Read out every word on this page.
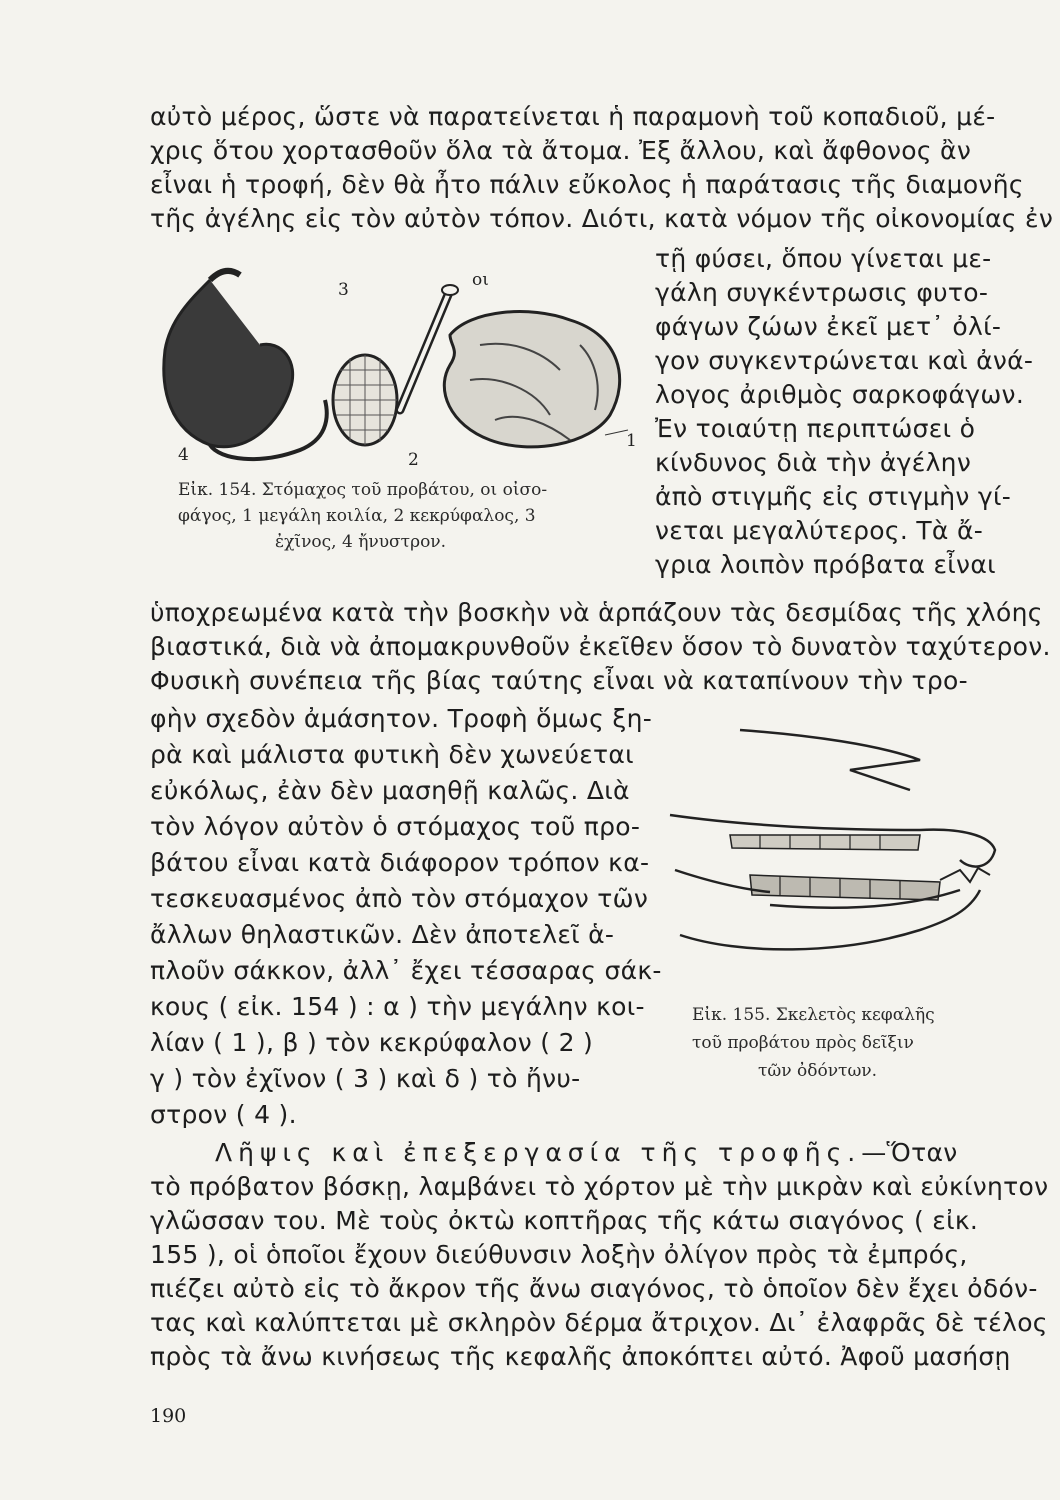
αὐτὸ μέρος, ὥστε νὰ παρατείνεται ἡ παραμονὴ τοῦ κοπαδιοῦ, μέ-
χρις ὅτου χορτασθοῦν ὅλα τὰ ἄτομα. Ἐξ ἄλλου, καὶ ἄφθονος ἂν
εἶναι ἡ τροφή, δὲν θὰ ἦτο πάλιν εὔκολος ἡ παράτασις τῆς διαμονῆς
τῆς ἀγέλης εἰς τὸν αὐτὸν τόπον. Διότι, κατὰ νόμον τῆς οἰκονομίας ἐν
3	οι
4	2
1
Εἰκ. 154. Στόμαχος τοῦ προβάτου, οι οἰσο-
φάγος, 1 μεγάλη κοιλία, 2 κεκρύφαλος, 3
ἐχῖνος, 4 ἤνυστρον.
τῇ φύσει, ὅπου γίνεται με-
γάλη συγκέντρωσις φυτο-
φάγων ζώων ἐκεῖ μετ᾽ ὀλί-
γον συγκεντρώνεται καὶ ἀνά-
λογος ἀριθμὸς σαρκοφάγων.
Ἐν τοιαύτῃ περιπτώσει ὁ
κίνδυνος διὰ τὴν ἀγέλην
ἀπὸ στιγμῆς εἰς στιγμὴν γί-
νεται μεγαλύτερος. Τὰ ἄ-
γρια λοιπὸν πρόβατα εἶναι
ὑποχρεωμένα κατὰ τὴν βοσκὴν νὰ ἁρπάζουν τὰς δεσμίδας τῆς χλόης
βιαστικά, διὰ νὰ ἀπομακρυνθοῦν ἐκεῖθεν ὅσον τὸ δυνατὸν ταχύτερον.
Φυσικὴ συνέπεια τῆς βίας ταύτης εἶναι νὰ καταπίνουν τὴν τρο-
φὴν σχεδὸν ἀμάσητον. Τροφὴ ὅμως ξη-
ρὰ καὶ μάλιστα φυτικὴ δὲν χωνεύεται
εὐκόλως, ἐὰν δὲν μασηθῇ καλῶς. Διὰ
τὸν λόγον αὐτὸν ὁ στόμαχος τοῦ προ-
βάτου εἶναι κατὰ διάφορον τρόπον κα-
τεσκευασμένος ἀπὸ τὸν στόμαχον τῶν
ἄλλων θηλαστικῶν. Δὲν ἀποτελεῖ ἁ-
πλοῦν σάκκον, ἀλλ᾽ ἔχει τέσσαρας σάκ-
κους ( εἰκ. 154 ) : α ) τὴν μεγάλην κοι-
λίαν ( 1 ), β ) τὸν κεκρύφαλον ( 2 )
γ ) τὸν ἐχῖνον ( 3 ) καὶ δ ) τὸ ἤνυ-
στρον ( 4 ).
Εἰκ. 155. Σκελετὸς κεφαλῆς
τοῦ προβάτου πρὸς δεῖξιν
τῶν ὀδόντων.
Λῆψις καὶ ἐπεξεργασία τῆς τροφῆς.—Ὅταν
τὸ πρόβατον βόσκῃ, λαμβάνει τὸ χόρτον μὲ τὴν μικρὰν καὶ εὐκίνητον
γλῶσσαν του. Μὲ τοὺς ὀκτὼ κοπτῆρας τῆς κάτω σιαγόνος ( εἰκ.
155 ), οἱ ὁποῖοι ἔχουν διεύθυνσιν λοξὴν ὀλίγον πρὸς τὰ ἐμπρός,
πιέζει αὐτὸ εἰς τὸ ἄκρον τῆς ἄνω σιαγόνος, τὸ ὁποῖον δὲν ἔχει ὀδόν-
τας καὶ καλύπτεται μὲ σκληρὸν δέρμα ἄτριχον. Δι᾽ ἐλαφρᾶς δὲ τέλος
πρὸς τὰ ἄνω κινήσεως τῆς κεφαλῆς ἀποκόπτει αὐτό. Ἀφοῦ μασήσῃ
190
